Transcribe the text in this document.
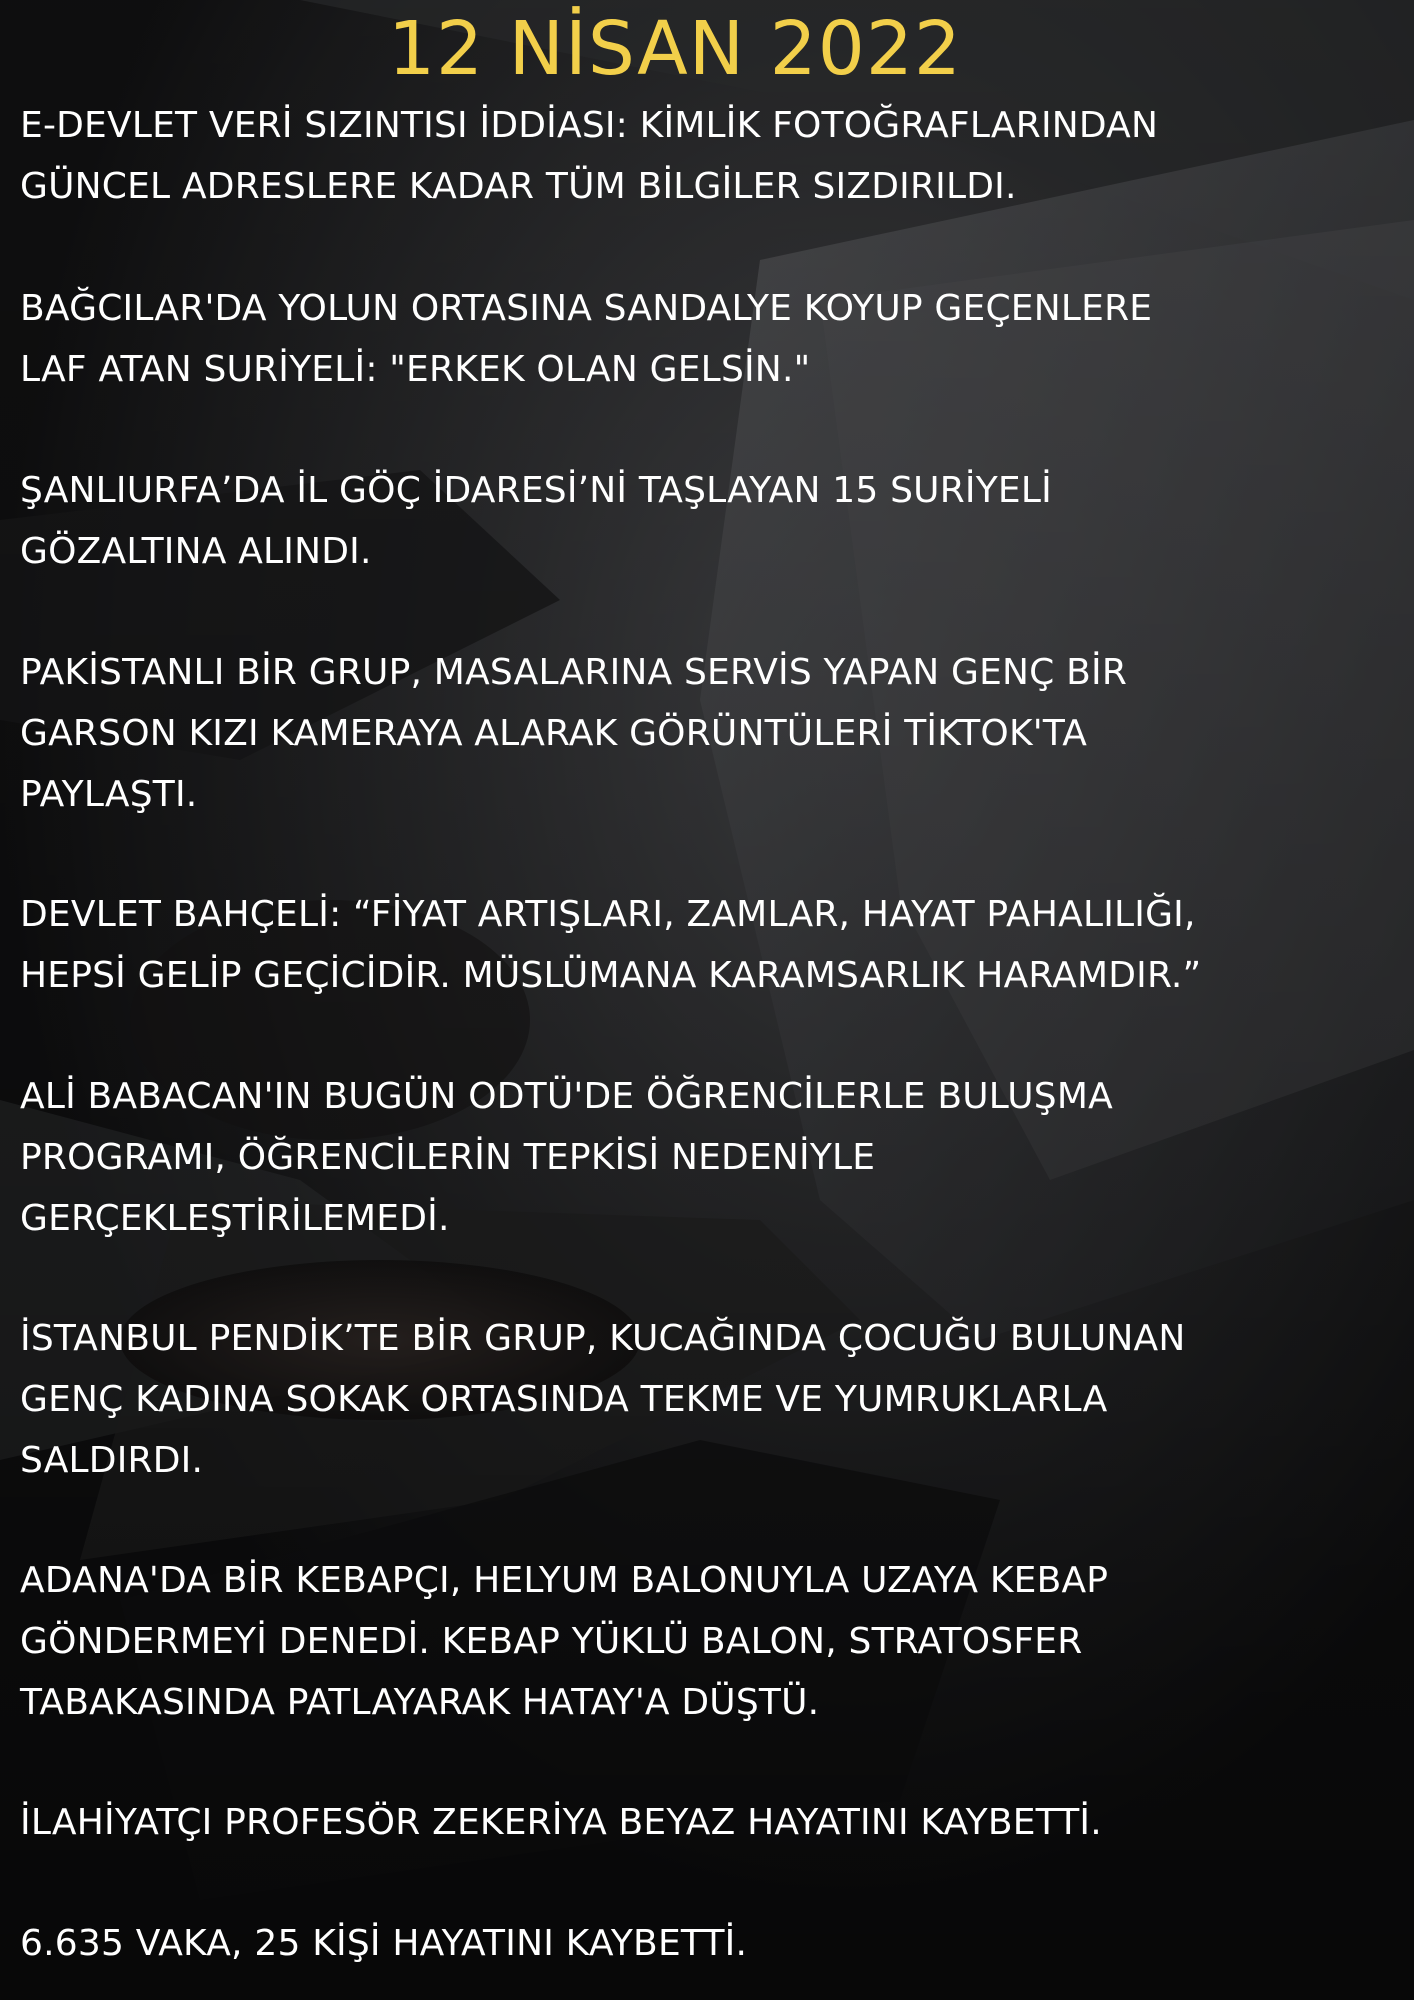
12 NİSAN 2022
E-DEVLET VERİ SIZINTISI İDDİASI: KİMLİK FOTOĞRAFLARINDAN
GÜNCEL ADRESLERE KADAR TÜM BİLGİLER SIZDIRILDI.
BAĞCILAR'DA YOLUN ORTASINA SANDALYE KOYUP GEÇENLERE
LAF ATAN SURİYELİ: "ERKEK OLAN GELSİN."
ŞANLIURFA’DA İL GÖÇ İDARESİ’Nİ TAŞLAYAN 15 SURİYELİ
GÖZALTINA ALINDI.
PAKİSTANLI BİR GRUP, MASALARINA SERVİS YAPAN GENÇ BİR
GARSON KIZI KAMERAYA ALARAK GÖRÜNTÜLERİ TİKTOK'TA
PAYLAŞTI.
DEVLET BAHÇELİ: “FİYAT ARTIŞLARI, ZAMLAR, HAYAT PAHALILIĞI,
HEPSİ GELİP GEÇİCİDİR. MÜSLÜMANA KARAMSARLIK HARAMDIR.”
ALİ BABACAN'IN BUGÜN ODTÜ'DE ÖĞRENCİLERLE BULUŞMA
PROGRAMI, ÖĞRENCİLERİN TEPKİSİ NEDENİYLE
GERÇEKLEŞTİRİLEMEDİ.
İSTANBUL PENDİK’TE BİR GRUP, KUCAĞINDA ÇOCUĞU BULUNAN
GENÇ KADINA SOKAK ORTASINDA TEKME VE YUMRUKLARLA
SALDIRDI.
ADANA'DA BİR KEBAPÇI, HELYUM BALONUYLA UZAYA KEBAP
GÖNDERMEYİ DENEDİ. KEBAP YÜKLÜ BALON, STRATOSFER
TABAKASINDA PATLAYARAK HATAY'A DÜŞTÜ.
İLAHİYATÇI PROFESÖR ZEKERİYA BEYAZ HAYATINI KAYBETTİ.
6.635 VAKA, 25 KİŞİ HAYATINI KAYBETTİ.
